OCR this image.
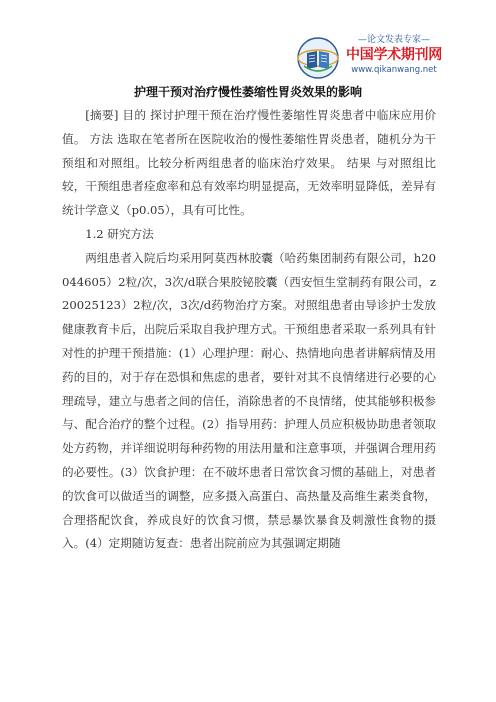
—论文发表专家—
中国学术期刊网
www.qikanwang.net
护理干预对治疗慢性萎缩性胃炎效果的影响

[摘要] 目的 探讨护理干预在治疗慢性萎缩性胃炎患者中临床应用价值。 方法 选取在笔者所在医院收治的慢性萎缩性胃炎患者，随机分为干预组和对照组。比较分析两组患者的临床治疗效果。 结果 与对照组比较，干预组患者痊愈率和总有效率均明显提高，无效率明显降低，差异有统计学意义（p0.05），具有可比性。

1.2 研究方法

两组患者入院后均采用阿莫西林胶囊（哈药集团制药有限公司，h20044605）2粒/次，3次/d联合果胶铋胶囊（西安恒生堂制药有限公司，z20025123）2粒/次，3次/d药物治疗方案。对照组患者由导诊护士发放健康教育卡后，出院后采取自我护理方式。干预组患者采取一系列具有针对性的护理干预措施：(1）心理护理：耐心、热情地向患者讲解病情及用药的目的，对于存在恐惧和焦虑的患者，要针对其不良情绪进行必要的心理疏导，建立与患者之间的信任，消除患者的不良情绪，使其能够积极参与、配合治疗的整个过程。(2）指导用药：护理人员应积极协助患者领取处方药物，并详细说明每种药物的用法用量和注意事项，并强调合理用药的必要性。(3）饮食护理：在不破坏患者日常饮食习惯的基础上，对患者的饮食可以做适当的调整，应多摄入高蛋白、高热量及高维生素类食物，合理搭配饮食，养成良好的饮食习惯，禁忌暴饮暴食及刺激性食物的摄入。(4）定期随访复查：患者出院前应为其强调定期随
